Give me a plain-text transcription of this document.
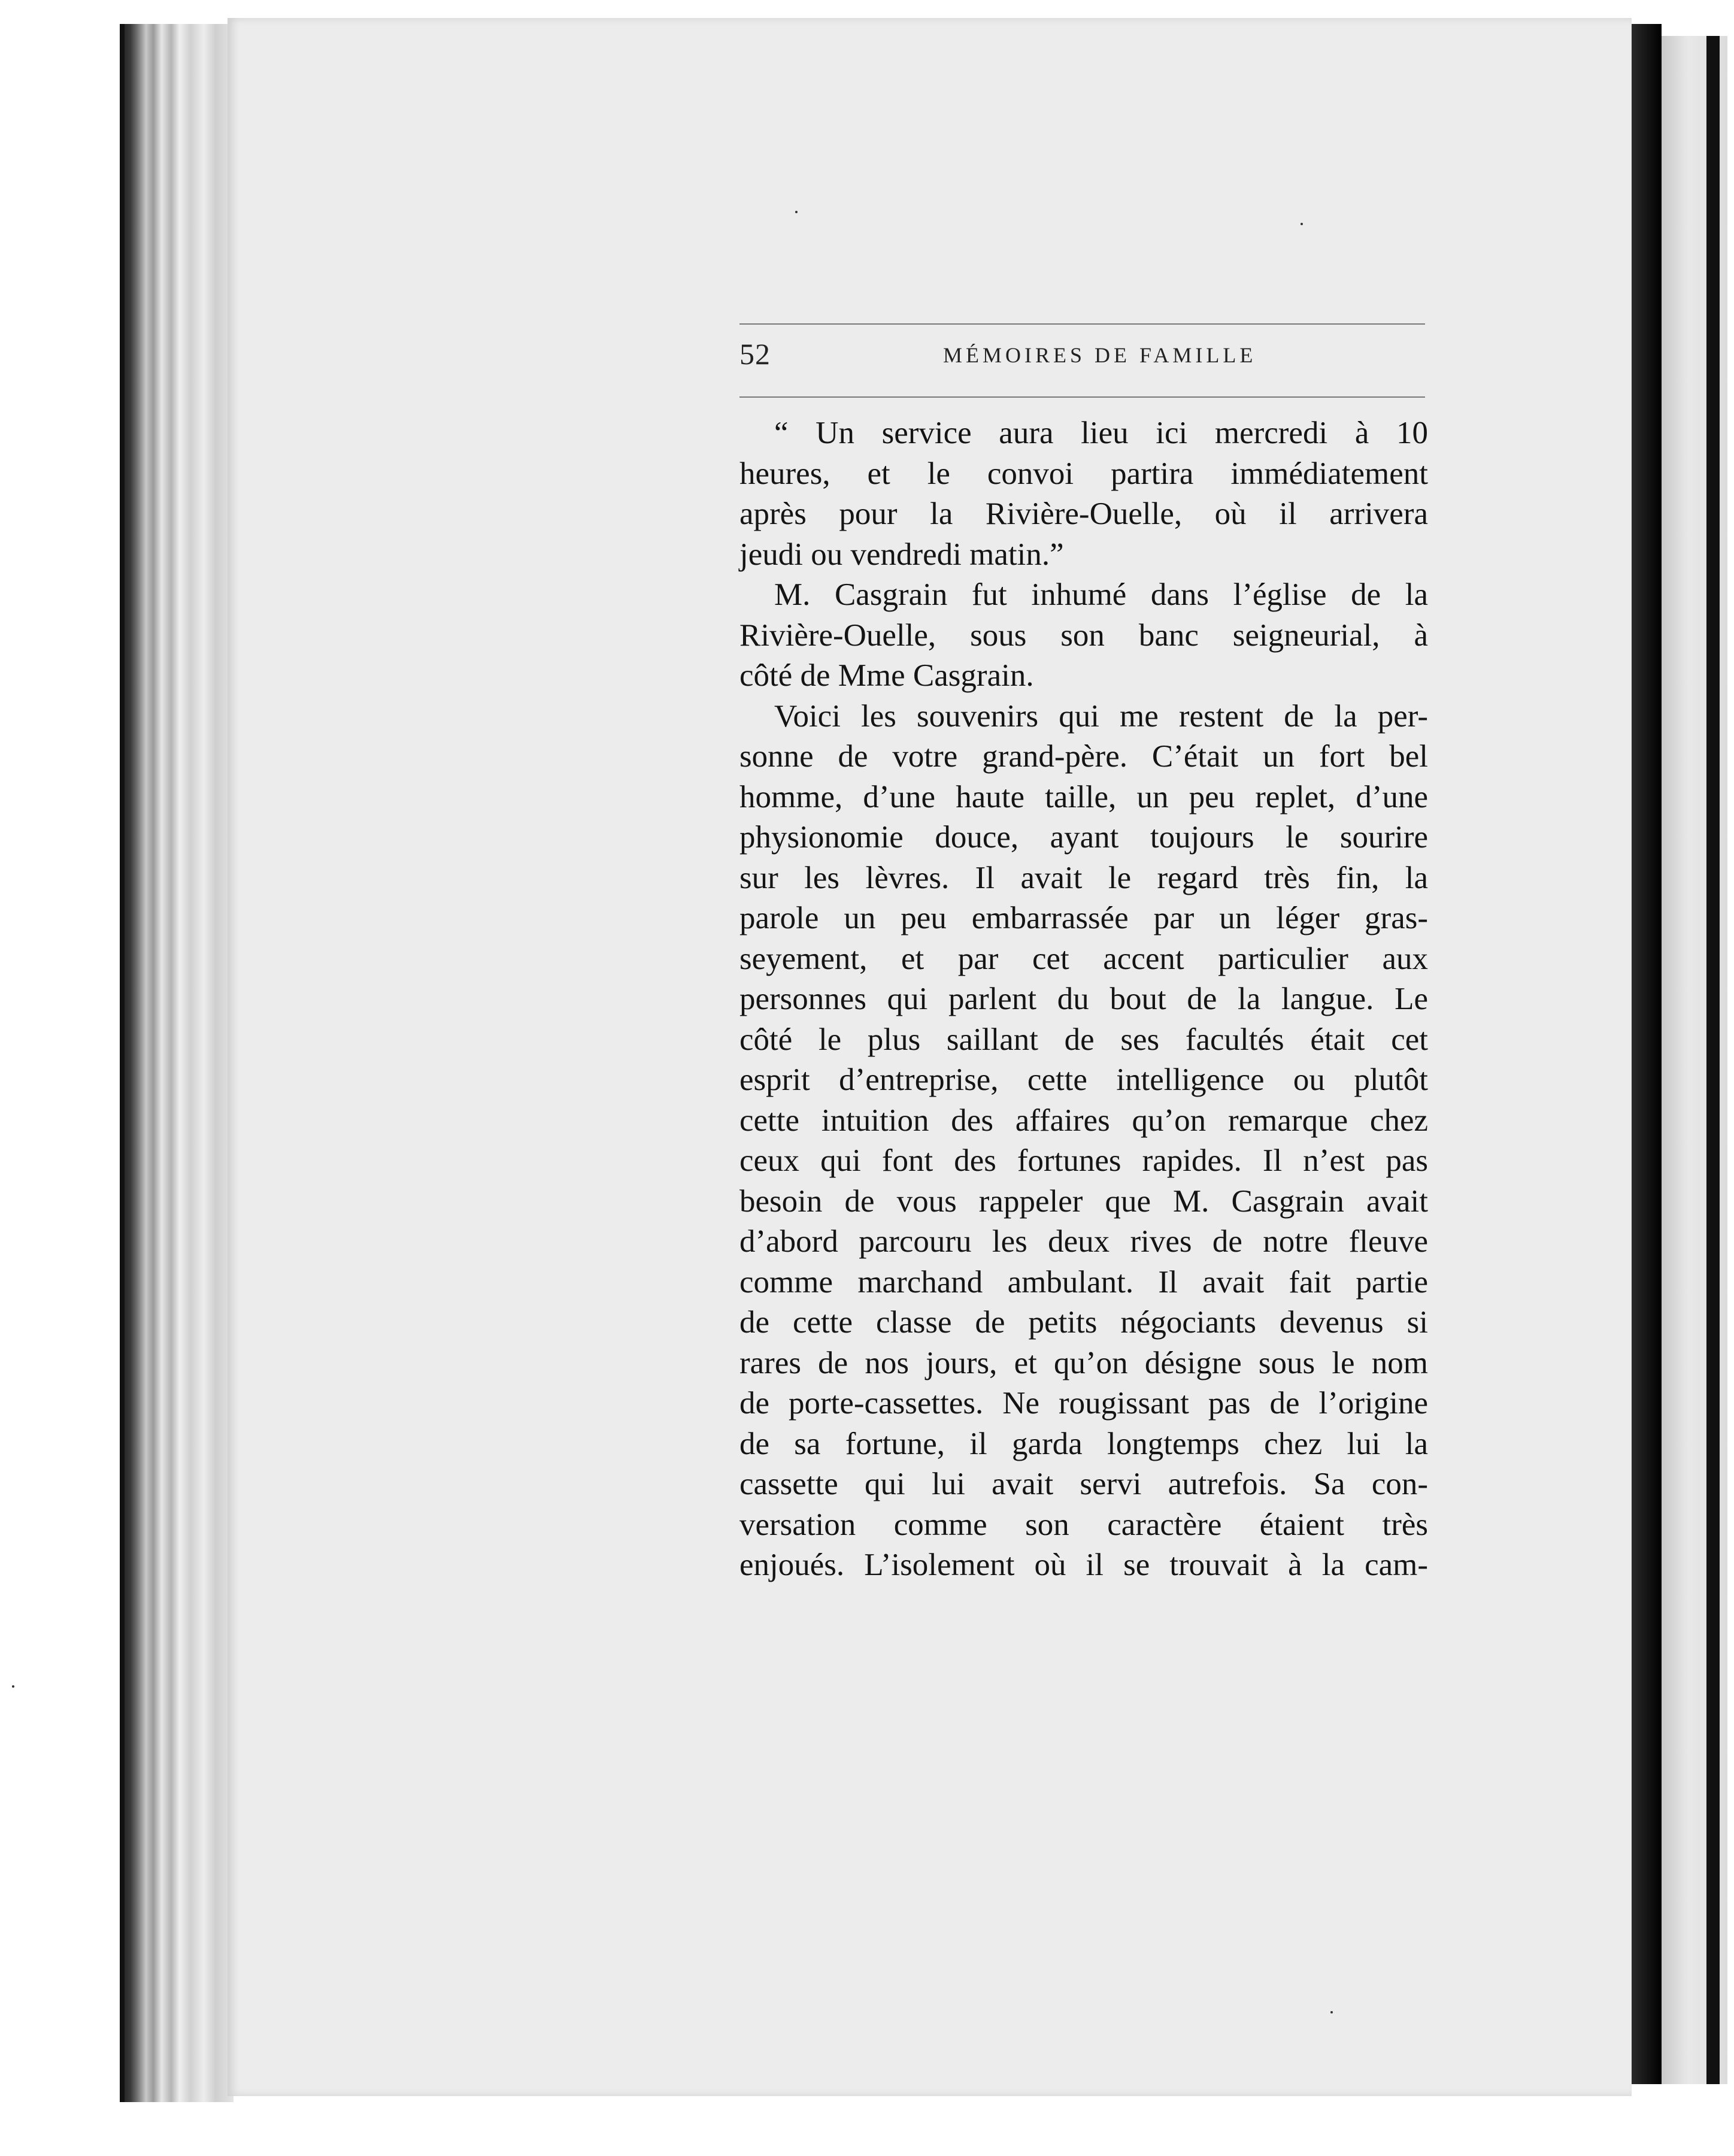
52	MÉMOIRES DE FAMILLE
“ Un service aura lieu ici mercredi à 10
heures, et le convoi partira immédiatement
après pour la Rivière-Ouelle, où il arrivera
jeudi ou vendredi matin.”
M. Casgrain fut inhumé dans l’église de la
Rivière-Ouelle, sous son banc seigneurial, à
côté de Mme Casgrain.
Voici les souvenirs qui me restent de la per-
sonne de votre grand-père. C’était un fort bel
homme, d’une haute taille, un peu replet, d’une
physionomie douce, ayant toujours le sourire
sur les lèvres. Il avait le regard très fin, la
parole un peu embarrassée par un léger gras-
seyement, et par cet accent particulier aux
personnes qui parlent du bout de la langue. Le
côté le plus saillant de ses facultés était cet
esprit d’entreprise, cette intelligence ou plutôt
cette intuition des affaires qu’on remarque chez
ceux qui font des fortunes rapides. Il n’est pas
besoin de vous rappeler que M. Casgrain avait
d’abord parcouru les deux rives de notre fleuve
comme marchand ambulant. Il avait fait partie
de cette classe de petits négociants devenus si
rares de nos jours, et qu’on désigne sous le nom
de porte-cassettes. Ne rougissant pas de l’origine
de sa fortune, il garda longtemps chez lui la
cassette qui lui avait servi autrefois. Sa con-
versation comme son caractère étaient très
enjoués. L’isolement où il se trouvait à la cam-
